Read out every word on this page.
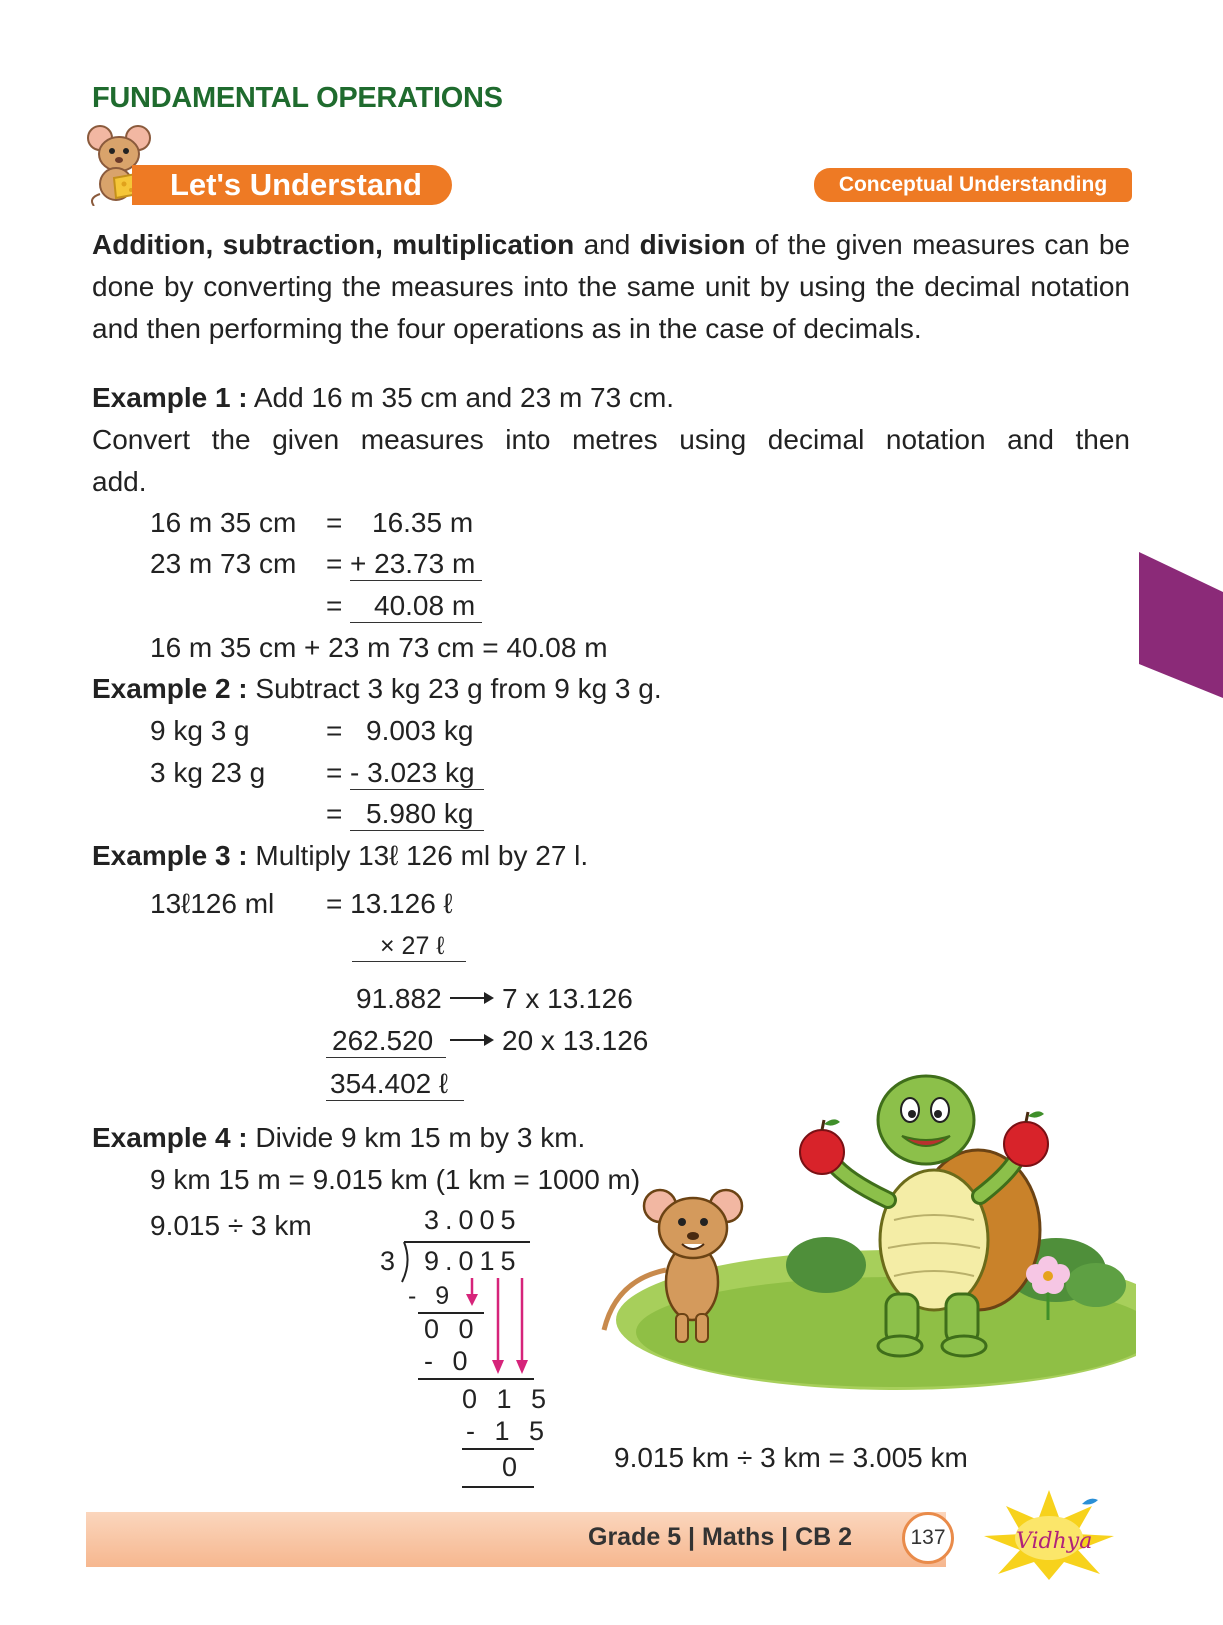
FUNDAMENTAL OPERATIONS
Let's Understand	Conceptual Understanding
Addition, subtraction, multiplication and division of the given measures can be done by converting the measures into the same unit by using the decimal notation and then performing the four operations as in the case of decimals.
Example 1 : Add 16 m 35 cm and 23 m 73 cm.
Convert the given measures into metres using decimal notation and then
add.
16 m 35 cm = 16.35 m
23 m 73 cm = + 23.73 m
=	40.08 m
16 m 35 cm + 23 m 73 cm = 40.08 m
Example 2 : Subtract 3 kg 23 g from 9 kg 3 g.
9 kg 3 g	= 9.003 kg
3 kg 23 g = - 3.023 kg
= 5.980 kg
Example 3 : Multiply 13ℓ 126 ml by 27 l.
13ℓ126 ml = 13.126 ℓ
× 27 ℓ
91.882 7 x 13.126
262.520	20 x 13.126
354.402 ℓ
Example 4 : Divide 9 km 15 m by 3 km.
9 km 15 m = 9.015 km (1 km = 1000 m)
9.015 ÷ 3 km	3.005
3 9.015
- 9
0 0
- 0
0 1 5
- 1 5
0	9.015 km ÷ 3 km = 3.005 km
Grade 5 | Maths | CB 2	137	Vidhya
